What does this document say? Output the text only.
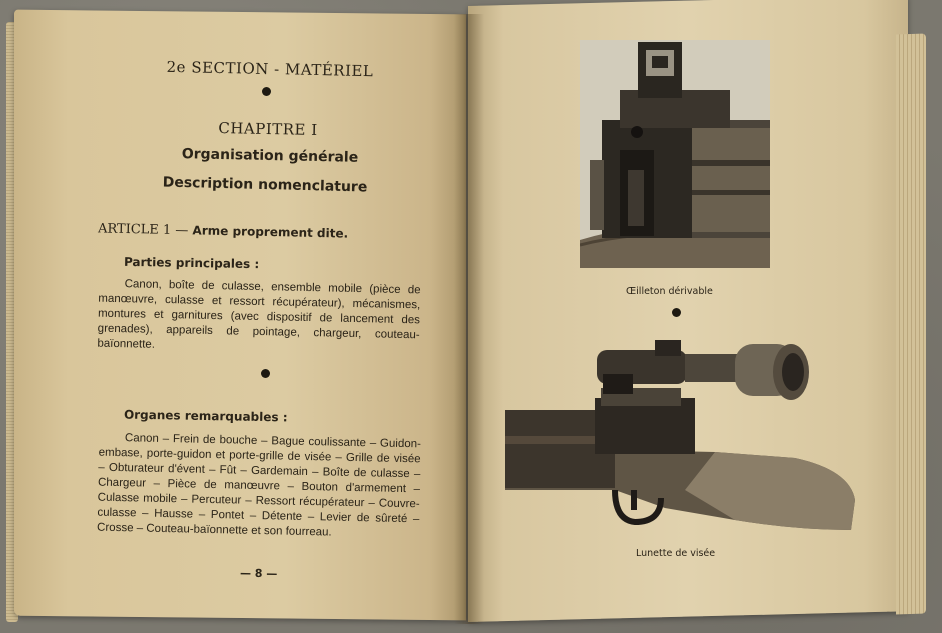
2e SECTION - MATÉRIEL
CHAPITRE I
Organisation générale
Description nomenclature
ARTICLE 1 — Arme proprement dite.
Parties principales :

Canon, boîte de culasse, ensemble mobile (pièce de manœuvre, culasse et ressort récupérateur), mécanismes, montures et garnitures (avec dispositif de lancement des grenades), appareils de pointage, chargeur, couteau-baïonnette.

Organes remarquables :

Canon – Frein de bouche – Bague coulissante – Guidon-embase, porte-guidon et porte-grille de visée – Grille de visée – Obturateur d'évent – Fût – Gardemain – Boîte de culasse – Chargeur – Pièce de manœuvre – Bouton d'armement – Culasse mobile – Percuteur – Ressort récupérateur – Couvre-culasse – Hausse – Pontet – Détente – Levier de sûreté – Crosse – Couteau-baïonnette et son fourreau.

— 8 —
Œilleton dérivable
Lunette de visée
